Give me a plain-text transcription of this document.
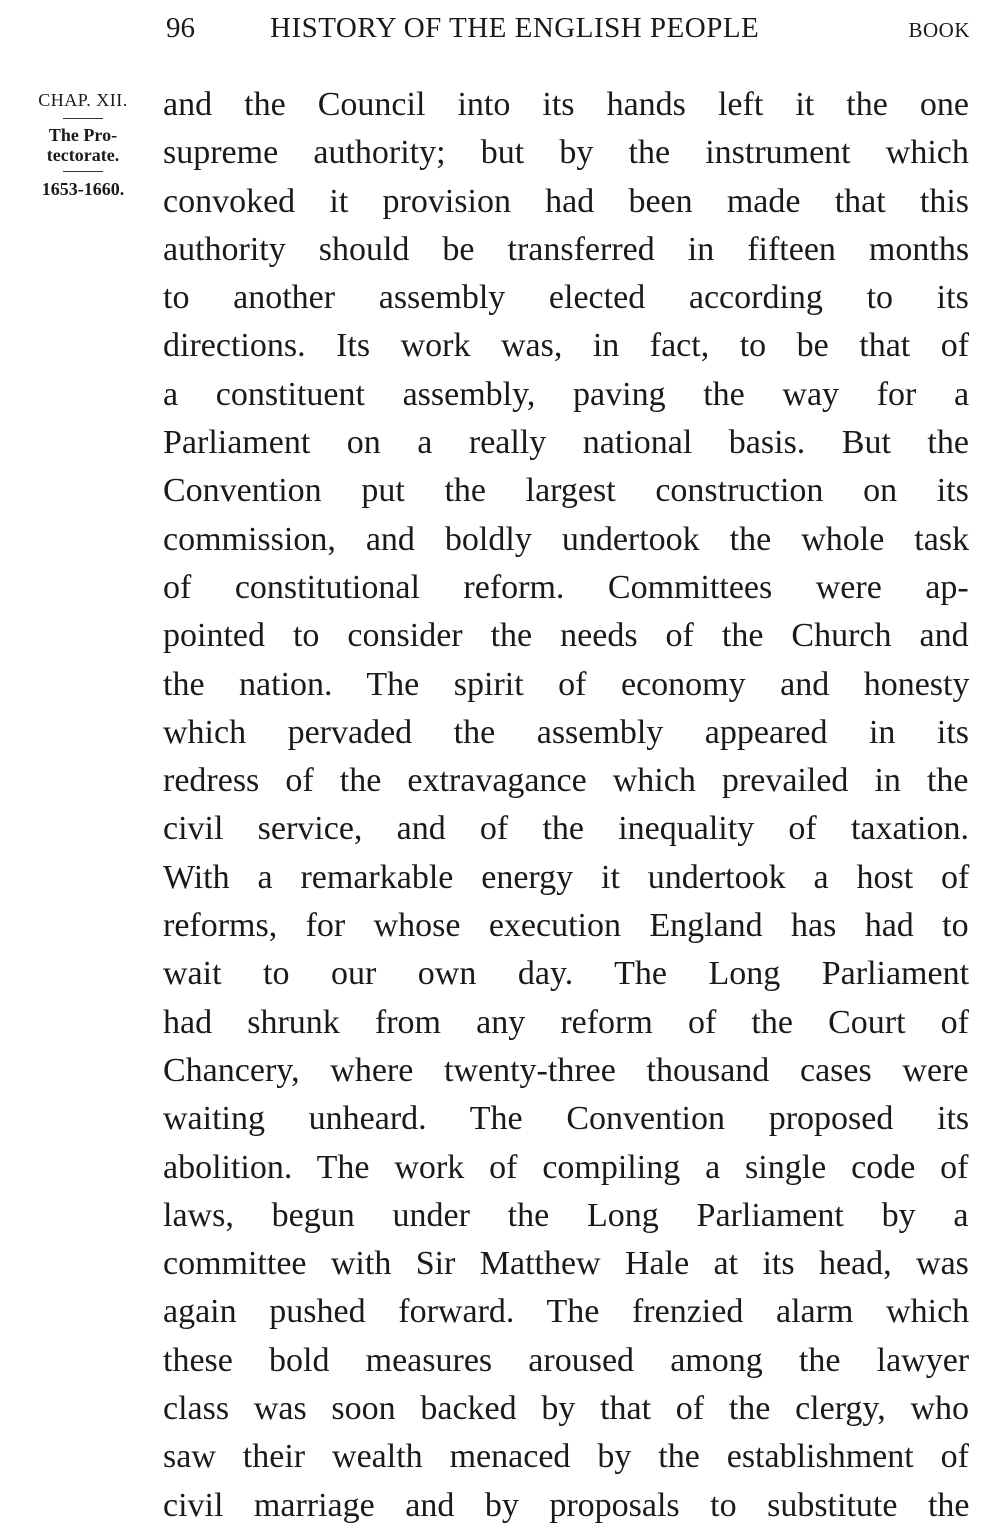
96	HISTORY OF THE ENGLISH PEOPLE	BOOK
CHAP. XII.
The Pro-
tectorate.
1653-1660.
and the Council into its hands left it the one
supreme authority; but by the instrument which
convoked it provision had been made that this
authority should be transferred in fifteen months
to another assembly elected according to its
directions. Its work was, in fact, to be that of
a constituent assembly, paving the way for a
Parliament on a really national basis. But the
Convention put the largest construction on its
commission, and boldly undertook the whole task
of constitutional reform. Committees were ap-
pointed to consider the needs of the Church and
the nation. The spirit of economy and honesty
which pervaded the assembly appeared in its
redress of the extravagance which prevailed in the
civil service, and of the inequality of taxation.
With a remarkable energy it undertook a host of
reforms, for whose execution England has had to
wait to our own day. The Long Parliament
had shrunk from any reform of the Court of
Chancery, where twenty-three thousand cases were
waiting unheard. The Convention proposed its
abolition. The work of compiling a single code of
laws, begun under the Long Parliament by a
committee with Sir Matthew Hale at its head, was
again pushed forward. The frenzied alarm which
these bold measures aroused among the lawyer
class was soon backed by that of the clergy, who
saw their wealth menaced by the establishment of
civil marriage and by proposals to substitute the
